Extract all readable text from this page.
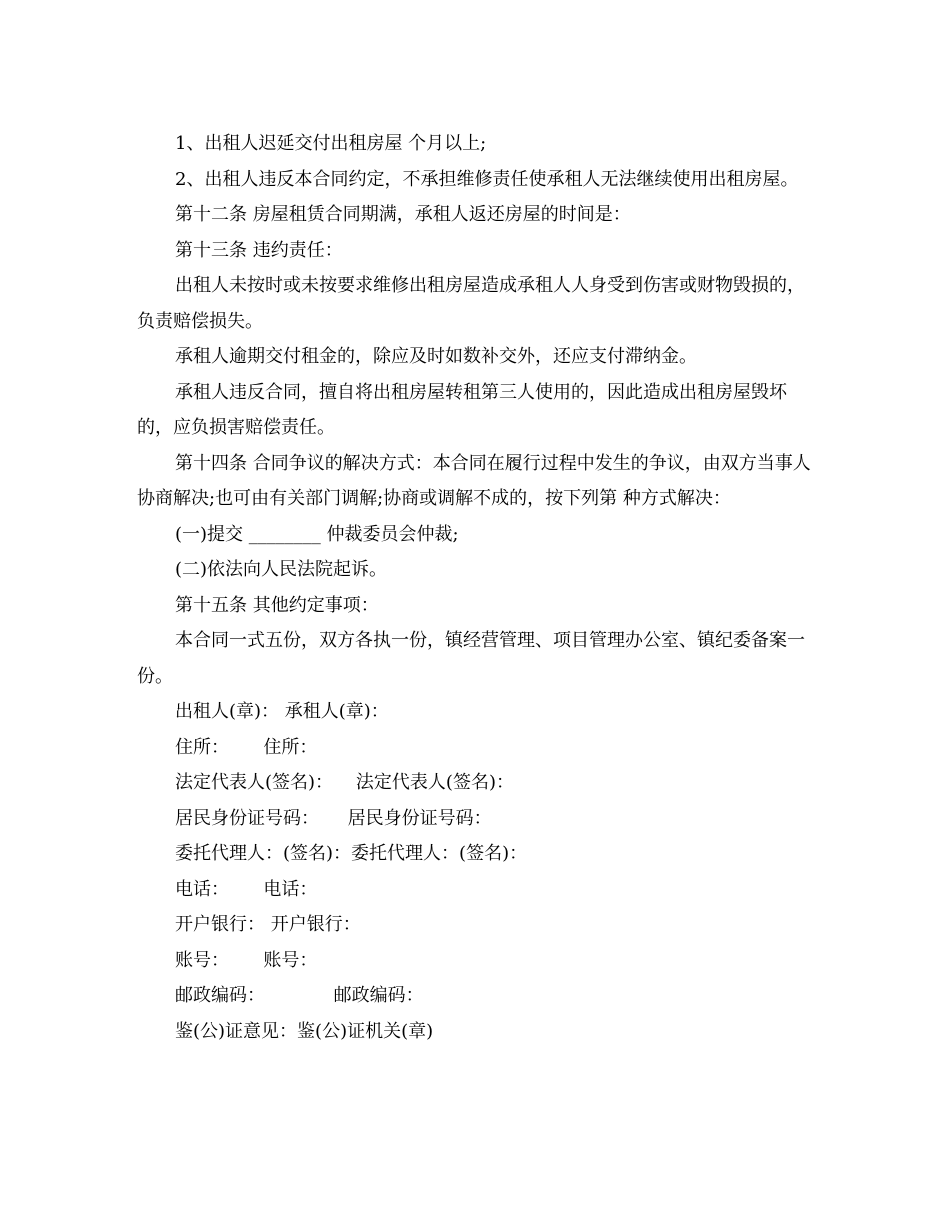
1、出租人迟延交付出租房屋 个月以上;

2、出租人违反本合同约定，不承担维修责任使承租人无法继续使用出租房屋。

第十二条 房屋租赁合同期满，承租人返还房屋的时间是：

第十三条 违约责任：

出租人未按时或未按要求维修出租房屋造成承租人人身受到伤害或财物毁损的，负责赔偿损失。

承租人逾期交付租金的，除应及时如数补交外，还应支付滞纳金。

承租人违反合同，擅自将出租房屋转租第三人使用的，因此造成出租房屋毁坏的，应负损害赔偿责任。

第十四条 合同争议的解决方式：本合同在履行过程中发生的争议，由双方当事人协商解决;也可由有关部门调解;协商或调解不成的，按下列第 种方式解决：

(一)提交 ________ 仲裁委员会仲裁;

(二)依法向人民法院起诉。

第十五条 其他约定事项：

本合同一式五份，双方各执一份，镇经营管理、项目管理办公室、镇纪委备案一份。

出租人(章)： 承租人(章)：

住所：      住所：

法定代表人(签名)：    法定代表人(签名)：

居民身份证号码：     居民身份证号码：

委托代理人：(签名)：委托代理人：(签名)：

电话：      电话：

开户银行： 开户银行：

账号：      账号：

邮政编码：            邮政编码：

鉴(公)证意见：鉴(公)证机关(章)
